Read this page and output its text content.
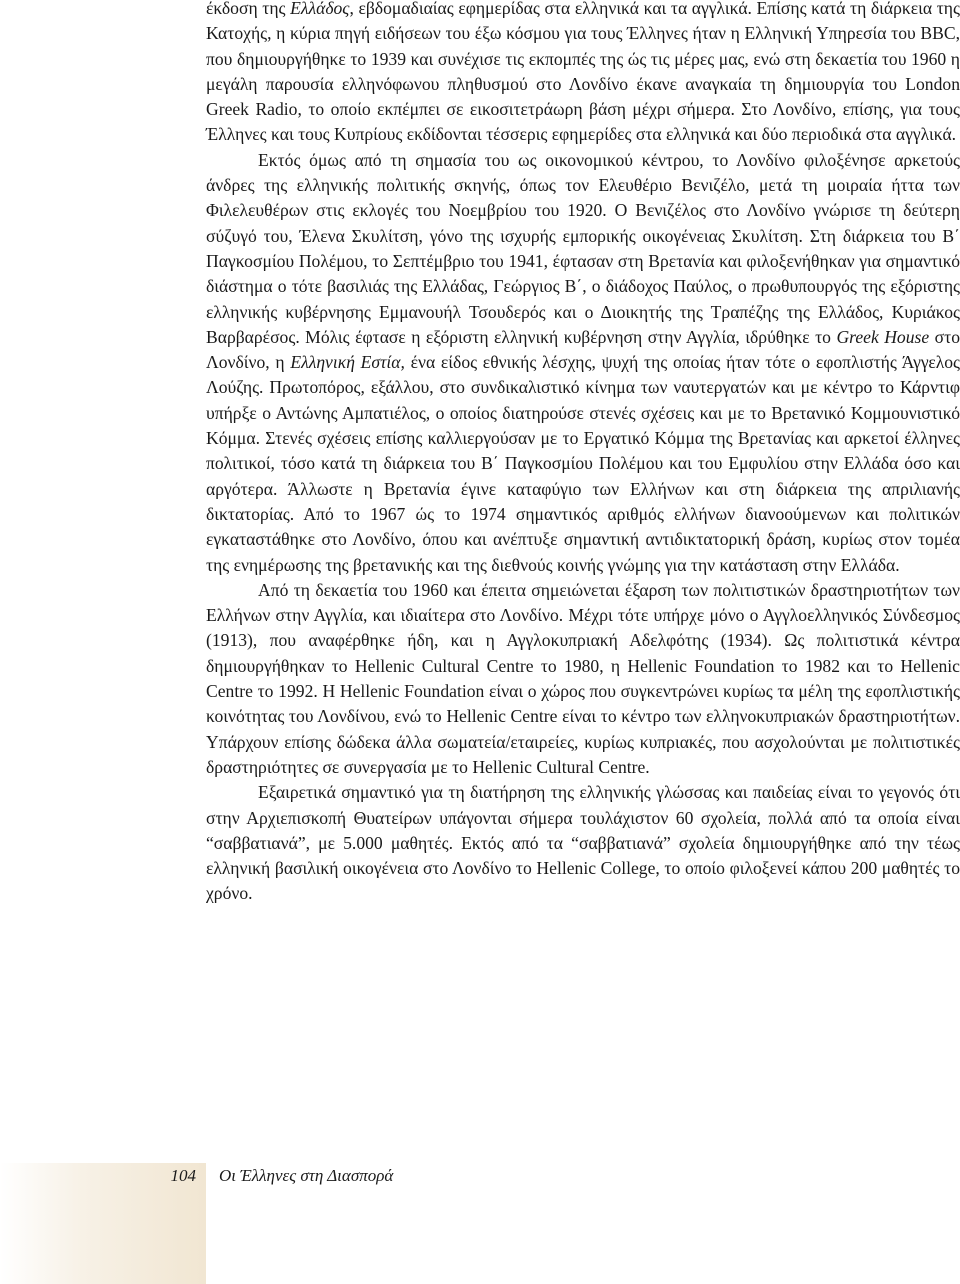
έκδοση της Ελλάδος, εβδομαδιαίας εφημερίδας στα ελληνικά και τα αγγλικά. Επίσης κατά τη διάρκεια της Κατοχής, η κύρια πηγή ειδήσεων του έξω κόσμου για τους Έλληνες ήταν η Ελληνική Υπηρεσία του BBC, που δημιουργήθηκε το 1939 και συνέχισε τις εκπομπές της ώς τις μέρες μας, ενώ στη δεκαετία του 1960 η μεγάλη παρουσία ελληνόφωνου πληθυσμού στο Λονδίνο έκανε αναγκαία τη δημιουργία του London Greek Radio, το οποίο εκπέμπει σε εικοσιτετράωρη βάση μέχρι σήμερα. Στο Λονδίνο, επίσης, για τους Έλληνες και τους Κυπρίους εκδίδονται τέσσερις εφημερίδες στα ελληνικά και δύο περιοδικά στα αγγλικά.

Εκτός όμως από τη σημασία του ως οικονομικού κέντρου, το Λονδίνο φιλοξένησε αρκετούς άνδρες της ελληνικής πολιτικής σκηνής, όπως τον Ελευθέριο Βενιζέλο, μετά τη μοιραία ήττα των Φιλελευθέρων στις εκλογές του Νοεμβρίου του 1920. Ο Βενιζέλος στο Λονδίνο γνώρισε τη δεύτερη σύζυγό του, Έλενα Σκυλίτση, γόνο της ισχυρής εμπορικής οικογένειας Σκυλίτση. Στη διάρκεια του Β΄ Παγκοσμίου Πολέμου, το Σεπτέμβριο του 1941, έφτασαν στη Βρετανία και φιλοξενήθηκαν για σημαντικό διάστημα ο τότε βασιλιάς της Ελλάδας, Γεώργιος Β΄, ο διάδοχος Παύλος, ο πρωθυπουργός της εξόριστης ελληνικής κυβέρνησης Εμμανουήλ Τσουδερός και ο Διοικητής της Τραπέζης της Ελλάδος, Κυριάκος Βαρβαρέσος. Μόλις έφτασε η εξόριστη ελληνική κυβέρνηση στην Αγγλία, ιδρύθηκε το Greek House στο Λονδίνο, η Ελληνική Εστία, ένα είδος εθνικής λέσχης, ψυχή της οποίας ήταν τότε ο εφοπλιστής Άγγελος Λούζης. Πρωτοπόρος, εξάλλου, στο συνδικαλιστικό κίνημα των ναυτεργατών και με κέντρο το Κάρντιφ υπήρξε ο Αντώνης Αμπατιέλος, ο οποίος διατηρούσε στενές σχέσεις και με το Βρετανικό Κομμουνιστικό Κόμμα. Στενές σχέσεις επίσης καλλιεργούσαν με το Εργατικό Κόμμα της Βρετανίας και αρκετοί έλληνες πολιτικοί, τόσο κατά τη διάρκεια του Β΄ Παγκοσμίου Πολέμου και του Εμφυλίου στην Ελλάδα όσο και αργότερα. Άλλωστε η Βρετανία έγινε καταφύγιο των Ελλήνων και στη διάρκεια της απριλιανής δικτατορίας. Από το 1967 ώς το 1974 σημαντικός αριθμός ελλήνων διανοούμενων και πολιτικών εγκαταστάθηκε στο Λονδίνο, όπου και ανέπτυξε σημαντική αντιδικτατορική δράση, κυρίως στον τομέα της ενημέρωσης της βρετανικής και της διεθνούς κοινής γνώμης για την κατάσταση στην Ελλάδα.

Από τη δεκαετία του 1960 και έπειτα σημειώνεται έξαρση των πολιτιστικών δραστηριοτήτων των Ελλήνων στην Αγγλία, και ιδιαίτερα στο Λονδίνο. Μέχρι τότε υπήρχε μόνο ο Αγγλοελληνικός Σύνδεσμος (1913), που αναφέρθηκε ήδη, και η Αγγλοκυπριακή Αδελφότης (1934). Ως πολιτιστικά κέντρα δημιουργήθηκαν το Hellenic Cultural Centre το 1980, η Hellenic Foundation το 1982 και το Hellenic Centre το 1992. Η Hellenic Foundation είναι ο χώρος που συγκεντρώνει κυρίως τα μέλη της εφοπλιστικής κοινότητας του Λονδίνου, ενώ το Hellenic Centre είναι το κέντρο των ελληνοκυπριακών δραστηριοτήτων. Υπάρχουν επίσης δώδεκα άλλα σωματεία/εταιρείες, κυρίως κυπριακές, που ασχολούνται με πολιτιστικές δραστηριότητες σε συνεργασία με το Hellenic Cultural Centre.

Εξαιρετικά σημαντικό για τη διατήρηση της ελληνικής γλώσσας και παιδείας είναι το γεγονός ότι στην Αρχιεπισκοπή Θυατείρων υπάγονται σήμερα τουλάχιστον 60 σχολεία, πολλά από τα οποία είναι “σαββατιανά”, με 5.000 μαθητές. Εκτός από τα “σαββατιανά” σχολεία δημιουργήθηκε από την τέως ελληνική βασιλική οικογένεια στο Λονδίνο το Hellenic College, το οποίο φιλοξενεί κάπου 200 μαθητές το χρόνο.

104 Οι Έλληνες στη Διασπορά
